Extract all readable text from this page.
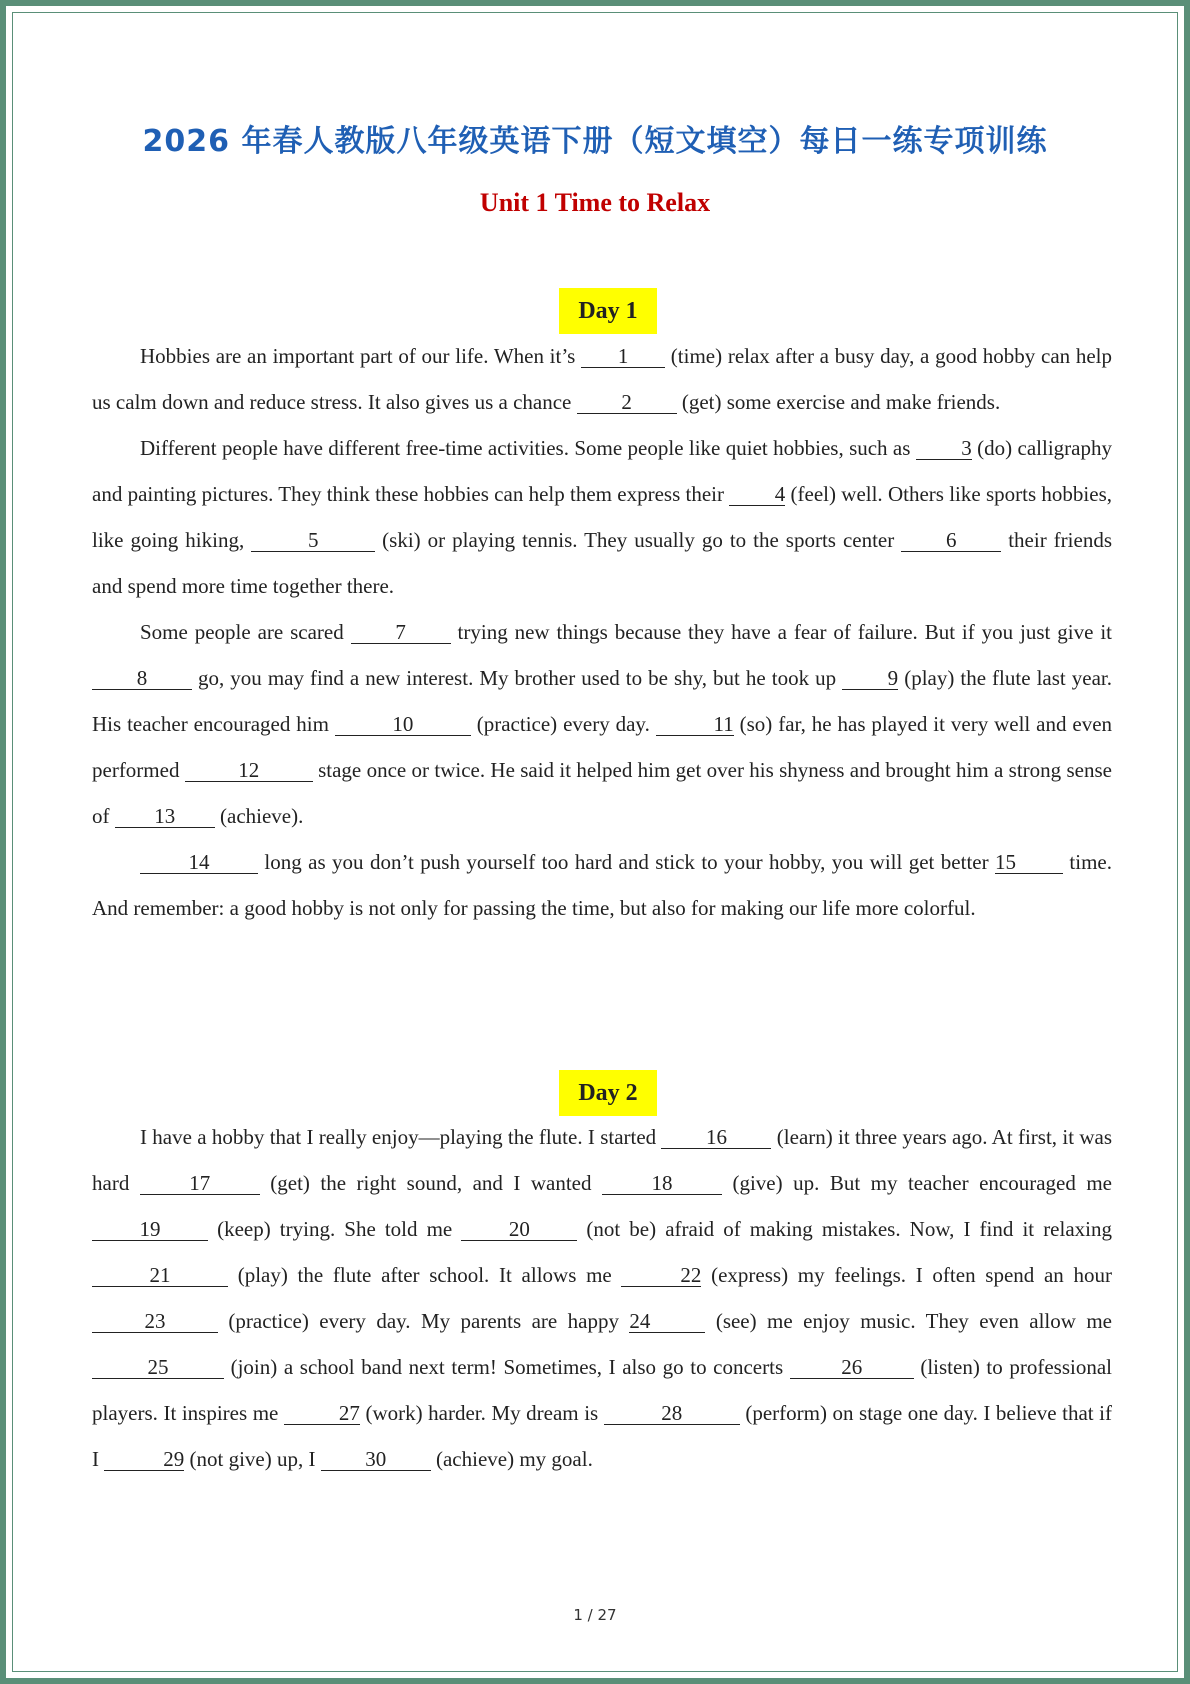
2026 年春人教版八年级英语下册（短文填空）每日一练专项训练
Unit 1 Time to Relax
Day 1

Hobbies are an important part of our life. When it’s 1 (time) relax after a busy day, a good hobby can help us calm down and reduce stress. It also gives us a chance 2 (get) some exercise and make friends.

Different people have different free-time activities. Some people like quiet hobbies, such as 3 (do) calligraphy and painting pictures. They think these hobbies can help them express their 4 (feel) well. Others like sports hobbies, like going hiking,	5	(ski) or playing tennis. They usually go to the sports center 6 their friends and spend more time together there.

Some people are scared 7 trying new things because they have a fear of failure. But if you just give it 8 go, you may find a new interest. My brother used to be shy, but he took up 9 (play) the flute last year. His teacher encouraged him	10	(practice) every day.	11 (so) far, he has played it very well and even performed	12	stage once or twice. He said it helped him get over his shyness and brought him a strong sense of 13 (achieve).

14 long as you don’t push yourself too hard and stick to your hobby, you will get better 15 time. And remember: a good hobby is not only for passing the time, but also for making our life more colorful.

Day 2

I have a hobby that I really enjoy—playing the flute. I started 16 (learn) it three years ago. At first, it was hard 17 (get) the right sound, and I wanted 18 (give) up. But my teacher encouraged me 19 (keep) trying. She told me 20 (not be) afraid of making mistakes. Now, I find it relaxing 21	(play) the flute after school. It allows me	22 (express) my feelings. I often spend an hour 23	(practice) every day. My parents are happy 24	(see) me enjoy music. They even allow me 25	(join) a school band next term! Sometimes, I also go to concerts 26 (listen) to professional players. It inspires me	27 (work) harder. My dream is	28	(perform) on stage one day. I believe that if I	29 (not give) up, I 30 (achieve) my goal.

1 / 27
